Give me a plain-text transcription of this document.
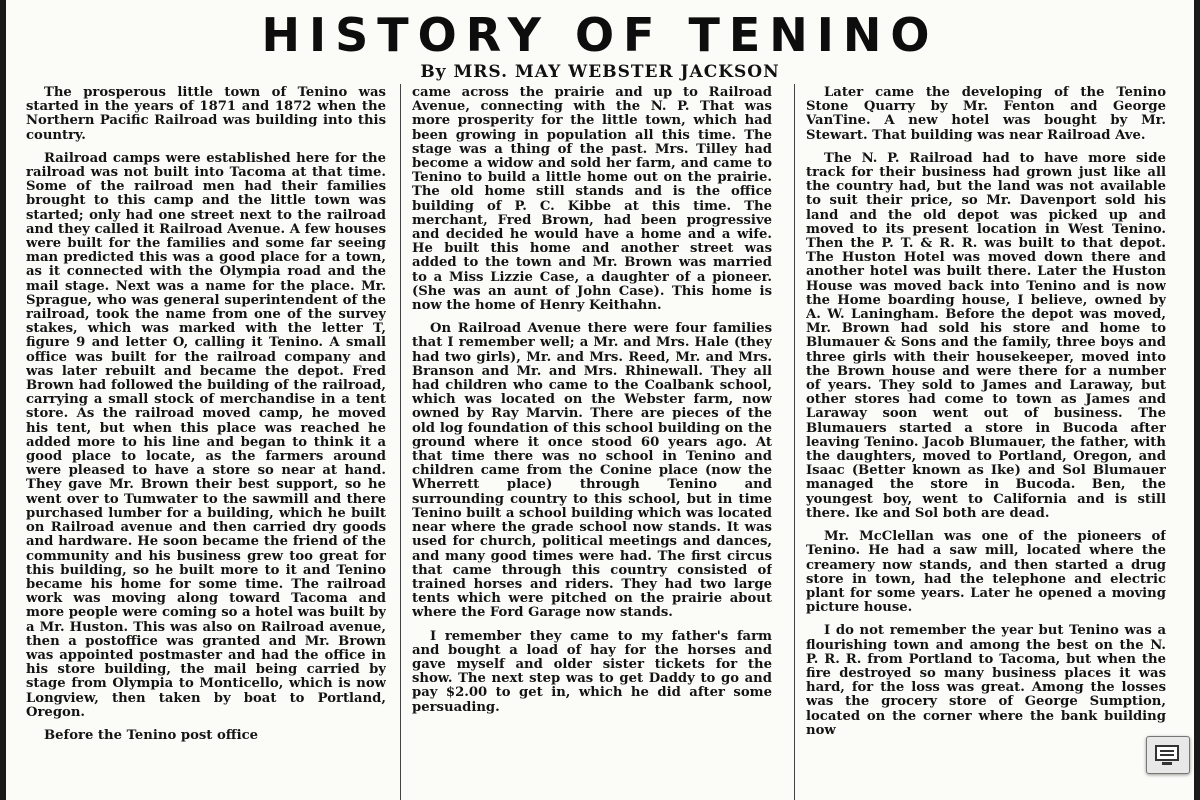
HISTORY OF TENINO
By MRS. MAY WEBSTER JACKSON

The prosperous little town of Tenino was started in the years of 1871 and 1872 when the Northern Pacific Railroad was building into this country.

Railroad camps were established here for the railroad was not built into Tacoma at that time. Some of the railroad men had their families brought to this camp and the little town was started; only had one street next to the railroad and they called it Railroad Avenue. A few houses were built for the families and some far seeing man predicted this was a good place for a town, as it connected with the Olympia road and the mail stage. Next was a name for the place. Mr. Sprague, who was general superintendent of the railroad, took the name from one of the survey stakes, which was marked with the letter T, figure 9 and letter O, calling it Tenino. A small office was built for the railroad company and was later rebuilt and became the depot. Fred Brown had followed the building of the railroad, carrying a small stock of merchandise in a tent store. As the railroad moved camp, he moved his tent, but when this place was reached he added more to his line and began to think it a good place to locate, as the farmers around were pleased to have a store so near at hand. They gave Mr. Brown their best support, so he went over to Tumwater to the sawmill and there purchased lumber for a building, which he built on Railroad avenue and then carried dry goods and hardware. He soon became the friend of the community and his business grew too great for this building, so he built more to it and Tenino became his home for some time. The railroad work was moving along toward Tacoma and more people were coming so a hotel was built by a Mr. Huston. This was also on Railroad avenue, then a postoffice was granted and Mr. Brown was appointed postmaster and had the office in his store building, the mail being carried by stage from Olympia to Monticello, which is now Longview, then taken by boat to Portland, Oregon.

Before the Tenino post office

came across the prairie and up to Railroad Avenue, connecting with the N. P. That was more prosperity for the little town, which had been growing in population all this time. The stage was a thing of the past. Mrs. Tilley had become a widow and sold her farm, and came to Tenino to build a little home out on the prairie. The old home still stands and is the office building of P. C. Kibbe at this time. The merchant, Fred Brown, had been progressive and decided he would have a home and a wife. He built this home and another street was added to the town and Mr. Brown was married to a Miss Lizzie Case, a daughter of a pioneer. (She was an aunt of John Case). This home is now the home of Henry Keithahn.

On Railroad Avenue there were four families that I remember well; a Mr. and Mrs. Hale (they had two girls), Mr. and Mrs. Reed, Mr. and Mrs. Branson and Mr. and Mrs. Rhinewall. They all had children who came to the Coalbank school, which was located on the Webster farm, now owned by Ray Marvin. There are pieces of the old log foundation of this school building on the ground where it once stood 60 years ago. At that time there was no school in Tenino and children came from the Conine place (now the Wherrett place) through Tenino and surrounding country to this school, but in time Tenino built a school building which was located near where the grade school now stands. It was used for church, political meetings and dances, and many good times were had. The first circus that came through this country consisted of trained horses and riders. They had two large tents which were pitched on the prairie about where the Ford Garage now stands.

I remember they came to my father's farm and bought a load of hay for the horses and gave myself and older sister tickets for the show. The next step was to get Daddy to go and pay $2.00 to get in, which he did after some persuading.

Later came the developing of the Tenino Stone Quarry by Mr. Fenton and George VanTine. A new hotel was bought by Mr. Stewart. That building was near Railroad Ave.

The N. P. Railroad had to have more side track for their business had grown just like all the country had, but the land was not available to suit their price, so Mr. Davenport sold his land and the old depot was picked up and moved to its present location in West Tenino. Then the P. T. & R. R. was built to that depot. The Huston Hotel was moved down there and another hotel was built there. Later the Huston House was moved back into Tenino and is now the Home boarding house, I believe, owned by A. W. Laningham. Before the depot was moved, Mr. Brown had sold his store and home to Blumauer & Sons and the family, three boys and three girls with their housekeeper, moved into the Brown house and were there for a number of years. They sold to James and Laraway, but other stores had come to town as James and Laraway soon went out of business. The Blumauers started a store in Bucoda after leaving Tenino. Jacob Blumauer, the father, with the daughters, moved to Portland, Oregon, and Isaac (Better known as Ike) and Sol Blumauer managed the store in Bucoda. Ben, the youngest boy, went to California and is still there. Ike and Sol both are dead.

Mr. McClellan was one of the pioneers of Tenino. He had a saw mill, located where the creamery now stands, and then started a drug store in town, had the telephone and electric plant for some years. Later he opened a moving picture house.

I do not remember the year but Tenino was a flourishing town and among the best on the N. P. R. R. from Portland to Tacoma, but when the fire destroyed so many business places it was hard, for the loss was great. Among the losses was the grocery store of George Sumption, located on the corner where the bank building now
